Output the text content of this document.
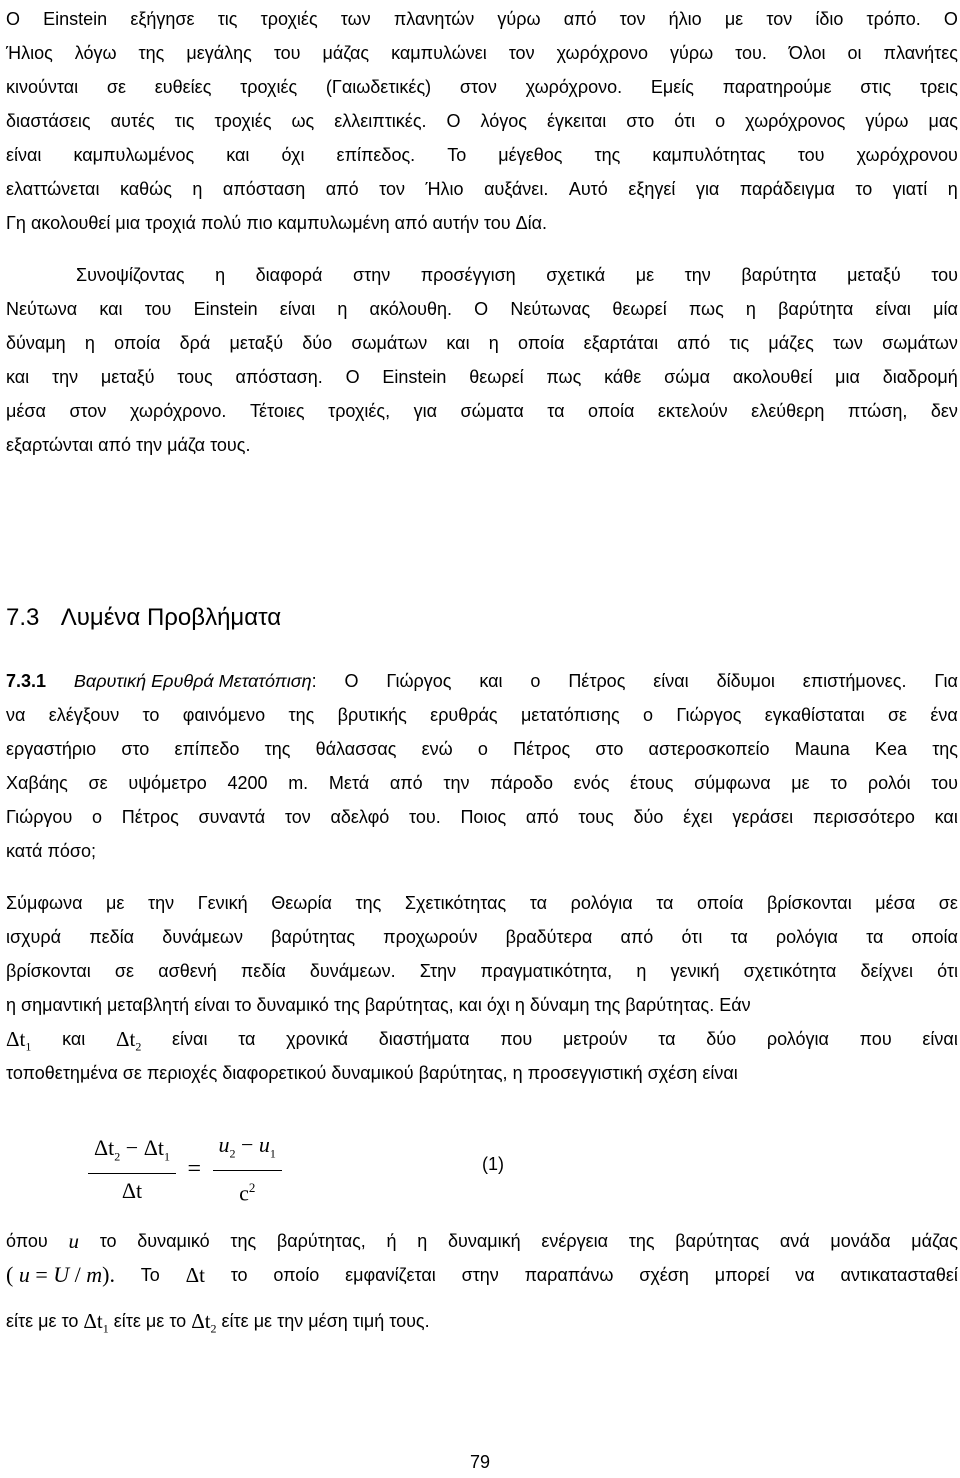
Ο Einstein εξήγησε τις τροχιές των πλανητών γύρω από τον ήλιο με τον ίδιο τρόπο. Ο
Ήλιος λόγω της μεγάλης του μάζας καμπυλώνει τον χωρόχρονο γύρω του. Όλοι οι πλανήτες
κινούνται σε ευθείες τροχιές (Γαιωδετικές) στον χωρόχρονο. Εμείς παρατηρούμε στις τρεις
διαστάσεις αυτές τις τροχιές ως ελλειπτικές. Ο λόγος έγκειται στο ότι ο χωρόχρονος γύρω μας
είναι καμπυλωμένος και όχι επίπεδος. Το μέγεθος της καμπυλότητας του χωρόχρονου
ελαττώνεται καθώς η απόσταση από τον Ήλιο αυξάνει. Αυτό εξηγεί για παράδειγμα το γιατί η
Γη ακολουθεί μια τροχιά πολύ πιο καμπυλωμένη από αυτήν του Δία.
Συνοψίζοντας η διαφορά στην προσέγγιση σχετικά με την βαρύτητα μεταξύ του
Νεύτωνα και του Einstein είναι η ακόλουθη. Ο Νεύτωνας θεωρεί πως η βαρύτητα είναι μία
δύναμη η οποία δρά μεταξύ δύο σωμάτων και η οποία εξαρτάται από τις μάζες των σωμάτων
και την μεταξύ τους απόσταση. Ο Einstein θεωρεί πως κάθε σώμα ακολουθεί μια διαδρομή
μέσα στον χωρόχρονο. Τέτοιες τροχιές, για σώματα τα οποία εκτελούν ελεύθερη πτώση, δεν
εξαρτώνται από την μάζα τους.
7.3 Λυμένα Προβλήματα
7.3.1 Βαρυτική Ερυθρά Μετατόπιση: Ο Γιώργος και ο Πέτρος είναι δίδυμοι επιστήμονες. Για
να ελέγξουν το φαινόμενο της βρυτικής ερυθράς μετατόπισης ο Γιώργος εγκαθίσταται σε ένα
εργαστήριο στο επίπεδο της θάλασσας ενώ ο Πέτρος στο αστεροσκοπείο Mauna Kea της
Χαβάης σε υψόμετρο 4200 m. Μετά από την πάροδο ενός έτους σύμφωνα με το ρολόι του
Γιώργου ο Πέτρος συναντά τον αδελφό του. Ποιος από τους δύο έχει γεράσει περισσότερο και
κατά πόσο;
Σύμφωνα με την Γενική Θεωρία της Σχετικότητας τα ρολόγια τα οποία βρίσκονται μέσα σε
ισχυρά πεδία δυνάμεων βαρύτητας προχωρούν βραδύτερα από ότι τα ρολόγια τα οποία
βρίσκονται σε ασθενή πεδία δυνάμεων. Στην πραγματικότητα, η γενική σχετικότητα δείχνει ότι
η σημαντική μεταβλητή είναι το δυναμικό της βαρύτητας, και όχι η δύναμη της βαρύτητας. Εάν
$\Delta t_1$ και $\Delta t_2$ είναι τα χρονικά διαστήματα που μετρούν τα δύο ρολόγια που είναι
τοποθετημένα σε περιοχές διαφορετικού δυναμικού βαρύτητας, η προσεγγιστική σχέση είναι
$\frac{\Delta t_2 - \Delta t_1}{\Delta t} = \frac{u_2 - u_1}{c^2}$	(1)
όπου u το δυναμικό της βαρύτητας, ή η δυναμική ενέργεια της βαρύτητας ανά μονάδα μάζας
( u = U / m). Το Δt το οποίο εμφανίζεται στην παραπάνω σχέση μπορεί να αντικατασταθεί
είτε με το $\Delta t_1$ είτε με το $\Delta t_2$ είτε με την μέση τιμή τους.
79
